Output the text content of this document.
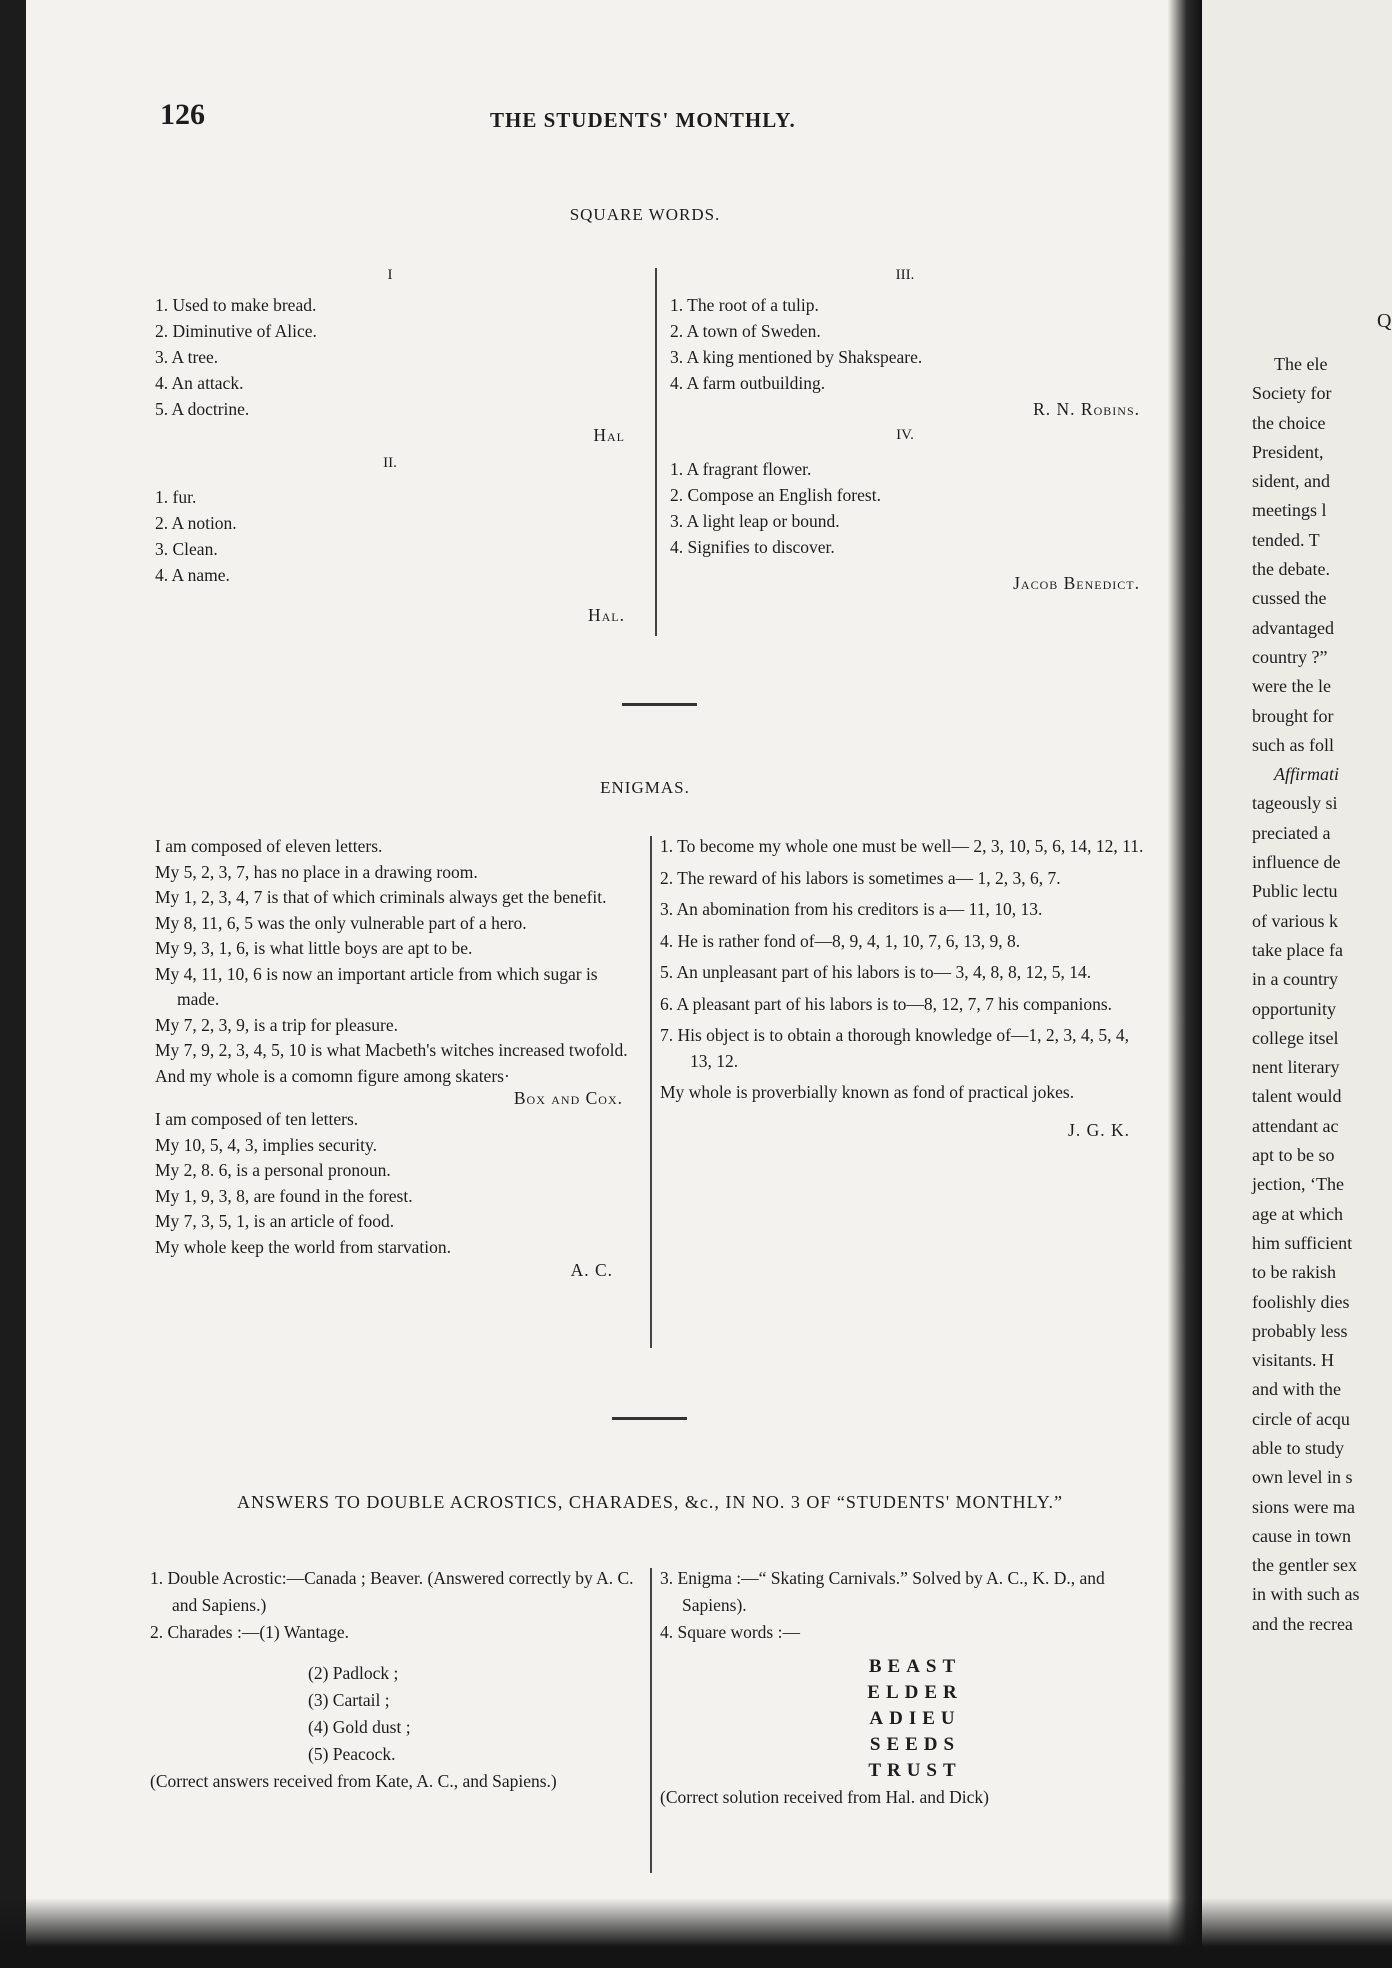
126	THE STUDENTS' MONTHLY.
SQUARE WORDS.
I

1. Used to make bread.

2. Diminutive of Alice.

3. A tree.

4. An attack.

5. A doctrine.

Hal

II.

1. fur.

2. A notion.

3. Clean.

4. A name.

Hal.

III.

1. The root of a tulip.

2. A town of Sweden.

3. A king mentioned by Shakspeare.

4. A farm outbuilding.

R. N. Robins.

IV.

1. A fragrant flower.

2. Compose an English forest.

3. A light leap or bound.

4. Signifies to discover.

Jacob Benedict.

ENIGMAS.

I am composed of eleven letters.

My 5, 2, 3, 7, has no place in a drawing room.

My 1, 2, 3, 4, 7 is that of which criminals always get the benefit.

My 8, 11, 6, 5 was the only vulnerable part of a hero.

My 9, 3, 1, 6, is what little boys are apt to be.

My 4, 11, 10, 6 is now an important article from which sugar is made.

My 7, 2, 3, 9, is a trip for pleasure.

My 7, 9, 2, 3, 4, 5, 10 is what Macbeth's witches increased twofold.

And my whole is a comomn figure among skaters·

Box and Cox.

I am composed of ten letters.

My 10, 5, 4, 3, implies security.

My 2, 8. 6, is a personal pronoun.

My 1, 9, 3, 8, are found in the forest.

My 7, 3, 5, 1, is an article of food.

My whole keep the world from starvation.

A. C.

1. To become my whole one must be well— 2, 3, 10, 5, 6, 14, 12, 11.

2. The reward of his labors is sometimes a— 1, 2, 3, 6, 7.

3. An abomination from his creditors is a— 11, 10, 13.

4. He is rather fond of—8, 9, 4, 1, 10, 7, 6, 13, 9, 8.

5. An unpleasant part of his labors is to— 3, 4, 8, 8, 12, 5, 14.

6. A pleasant part of his labors is to—8, 12, 7, 7 his companions.

7. His object is to obtain a thorough knowledge of—1, 2, 3, 4, 5, 4, 13, 12.

My whole is proverbially known as fond of practical jokes.

J. G. K.

ANSWERS TO DOUBLE ACROSTICS, CHARADES, &c., IN NO. 3 OF “STUDENTS' MONTHLY.”

1. Double Acrostic:—Canada ; Beaver. (Answered correctly by A. C. and Sapiens.)

2. Charades :—(1) Wantage.

(2) Padlock ;

(3) Cartail ;

(4) Gold dust ;

(5) Peacock.

(Correct answers received from Kate, A. C., and Sapiens.)

3. Enigma :—“ Skating Carnivals.” Solved by A. C., K. D., and Sapiens).

4. Square words :—

BEAST

ELDER

ADIEU

SEEDS

TRUST

(Correct solution received from Hal. and Dick)

Q

The ele

Society for

the choice

President,

sident, and

meetings l

tended. T

the debate.

cussed the

advantaged

country ?”

were the le

brought for

such as foll

Affirmati

tageously si

preciated a

influence de

Public lectu

of various k

take place fa

in a country

opportunity

college itsel

nent literary

talent would

attendant ac

apt to be so

jection, ‘The

age at which

him sufficient

to be rakish

foolishly dies

probably less

visitants. H

and with the

circle of acqu

able to study

own level in s

sions were ma

cause in town

the gentler sex

in with such as

and the recrea
